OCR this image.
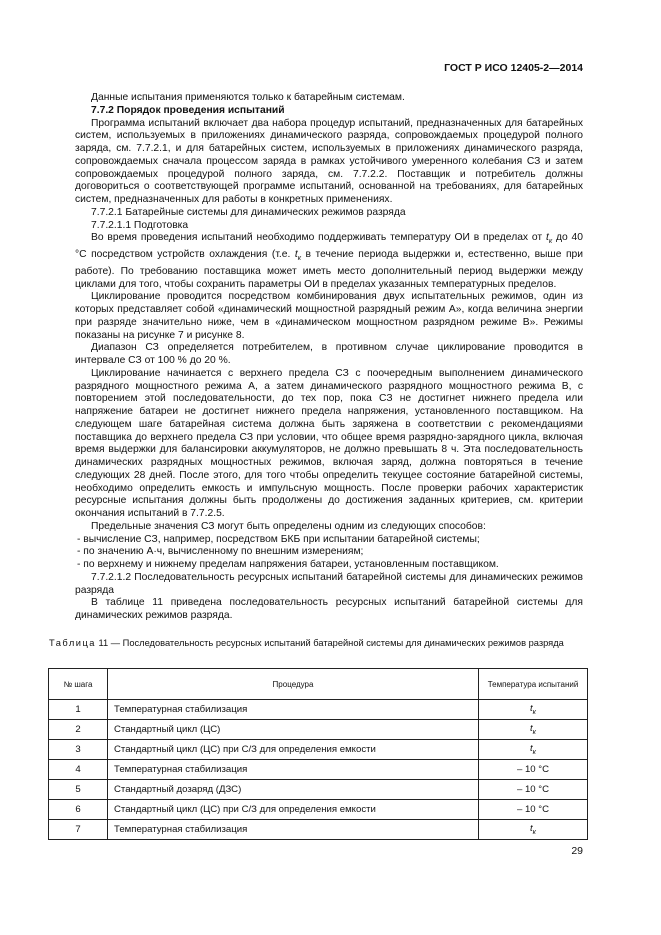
ГОСТ Р ИСО 12405-2—2014

Данные испытания применяются только к батарейным системам.

7.7.2 Порядок проведения испытаний

Программа испытаний включает два набора процедур испытаний, предназначенных для батарейных систем, используемых в приложениях динамического разряда, сопровождаемых процедурой полного заряда, см. 7.7.2.1, и для батарейных систем, используемых в приложениях динамического разряда, сопровождаемых сначала процессом заряда в рамках устойчивого умеренного колебания СЗ и затем сопровождаемых процедурой полного заряда, см. 7.7.2.2. Поставщик и потребитель должны договориться о соответствующей программе испытаний, основанной на требованиях, для батарейных систем, предназначенных для работы в конкретных применениях.

7.7.2.1 Батарейные системы для динамических режимов разряда

7.7.2.1.1 Подготовка

Во время проведения испытаний необходимо поддерживать температуру ОИ в пределах от $t_к$ до 40 °С посредством устройств охлаждения (т.е. $t_к$ в течение периода выдержки и, естественно, выше при работе). По требованию поставщика может иметь место дополнительный период выдержки между циклами для того, чтобы сохранить параметры ОИ в пределах указанных температурных пределов.

Циклирование проводится посредством комбинирования двух испытательных режимов, один из которых представляет собой «динамический мощностной разрядный режим А», когда величина энергии при разряде значительно ниже, чем в «динамическом мощностном разрядном режиме В». Режимы показаны на рисунке 7 и рисунке 8.

Диапазон СЗ определяется потребителем, в противном случае циклирование проводится в интервале СЗ от 100 % до 20 %.

Циклирование начинается с верхнего предела СЗ с поочередным выполнением динамического разрядного мощностного режима А, а затем динамического разрядного мощностного режима В, с повторением этой последовательности, до тех пор, пока СЗ не достигнет нижнего предела или напряжение батареи не достигнет нижнего предела напряжения, установленного поставщиком. На следующем шаге батарейная система должна быть заряжена в соответствии с рекомендациями поставщика до верхнего предела СЗ при условии, что общее время разрядно-зарядного цикла, включая время выдержки для балансировки аккумуляторов, не должно превышать 8 ч. Эта последовательность динамических разрядных мощностных режимов, включая заряд, должна повторяться в течение следующих 28 дней. После этого, для того чтобы определить текущее состояние батарейной системы, необходимо определить емкость и импульсную мощность. После проверки рабочих характеристик ресурсные испытания должны быть продолжены до достижения заданных критериев, см. критерии окончания испытаний в 7.7.2.5.

Предельные значения СЗ могут быть определены одним из следующих способов:

- вычисление СЗ, например, посредством БКБ при испытании батарейной системы;
- по значению А·ч, вычисленному по внешним измерениям;
- по верхнему и нижнему пределам напряжения батареи, установленным поставщиком.

7.7.2.1.2 Последовательность ресурсных испытаний батарейной системы для динамических режимов разряда

В таблице 11 приведена последовательность ресурсных испытаний батарейной системы для динамических режимов разряда.

Таблица 11 — Последовательность ресурсных испытаний батарейной системы для динамических режимов разряда
№ шага	Процедура	Температура испытаний
1	Температурная стабилизация	$t_к$
2	Стандартный цикл (ЦС)	$t_к$
3	Стандартный цикл (ЦС) при С/З для определения емкости	$t_к$
4	Температурная стабилизация	– 10 °С
5	Стандартный дозаряд (ДЗС)	– 10 °С
6	Стандартный цикл (ЦС) при С/З для определения емкости	– 10 °С
7	Температурная стабилизация	$t_к$
29
